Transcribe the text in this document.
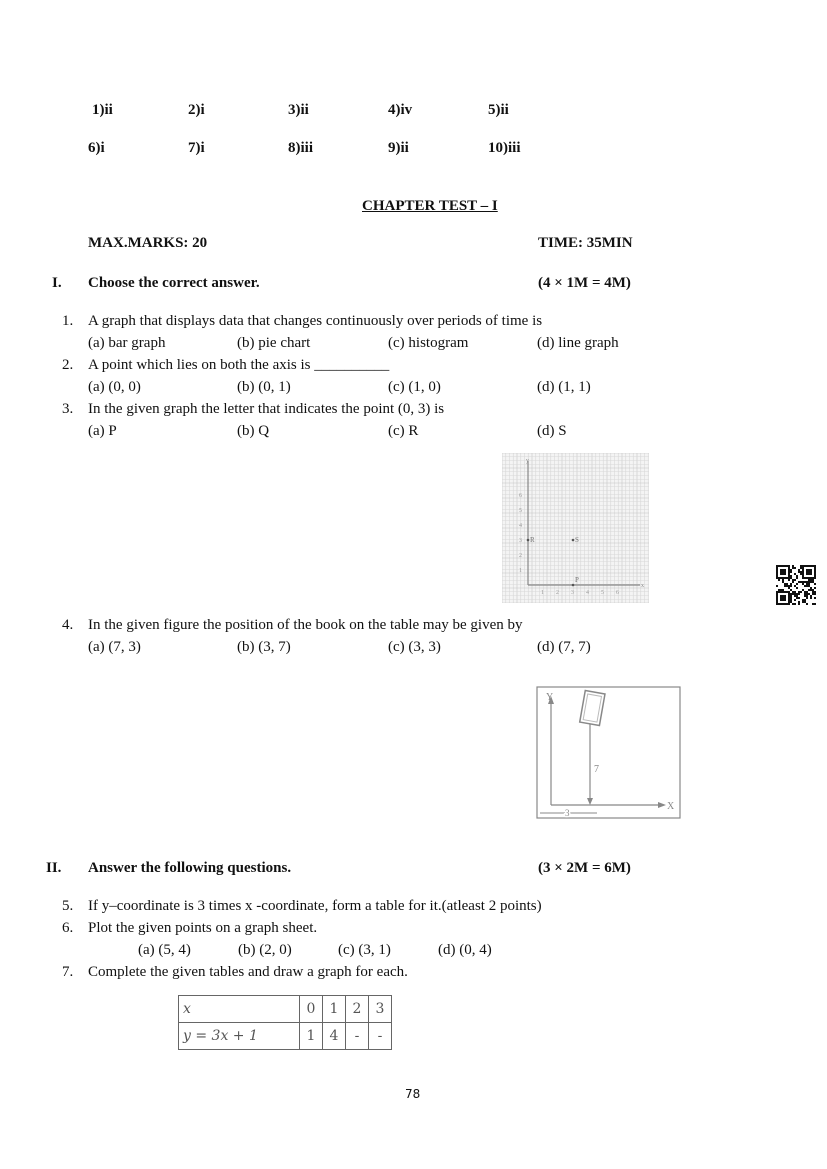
1)ii	2)i	3)ii	4)iv	5)ii
6)i	7)i	8)iii	9)ii	10)iii
CHAPTER TEST – I
MAX.MARKS: 20	TIME: 35MIN
I. Choose the correct answer.	(4 × 1M = 4M)
1. A graph that displays data that changes continuously over periods of time is
(a) bar graph	(b) pie chart	(c) histogram	(d) line graph
2. A point which lies on both the axis is __________
(a) (0, 0)	(b) (0, 1)	(c) (1, 0)	(d) (1, 1)
3. In the given graph the letter that indicates the point (0, 3) is
(a) P	(b) Q	(c) R	(d) S
y
x
1 2 3 4 5 6
1
2
3
4
5
6
R	S
P
4. In the given figure the position of the book on the table may be given by
(a) (7, 3)	(b) (3, 7)	(c) (3, 3)	(d) (7, 7)
Y
X
7
3
II. Answer the following questions.	(3 × 2M = 6M)
5. If y–coordinate is 3 times x -coordinate, form a table for it.(atleast 2 points)
6. Plot the given points on a graph sheet.
(a) (5, 4)	(b) (2, 0)	(c) (3, 1)	(d) (0, 4)
7. Complete the given tables and draw a graph for each.
x	0	1	2	3
y = 3x + 1	1	4	-	-
78
